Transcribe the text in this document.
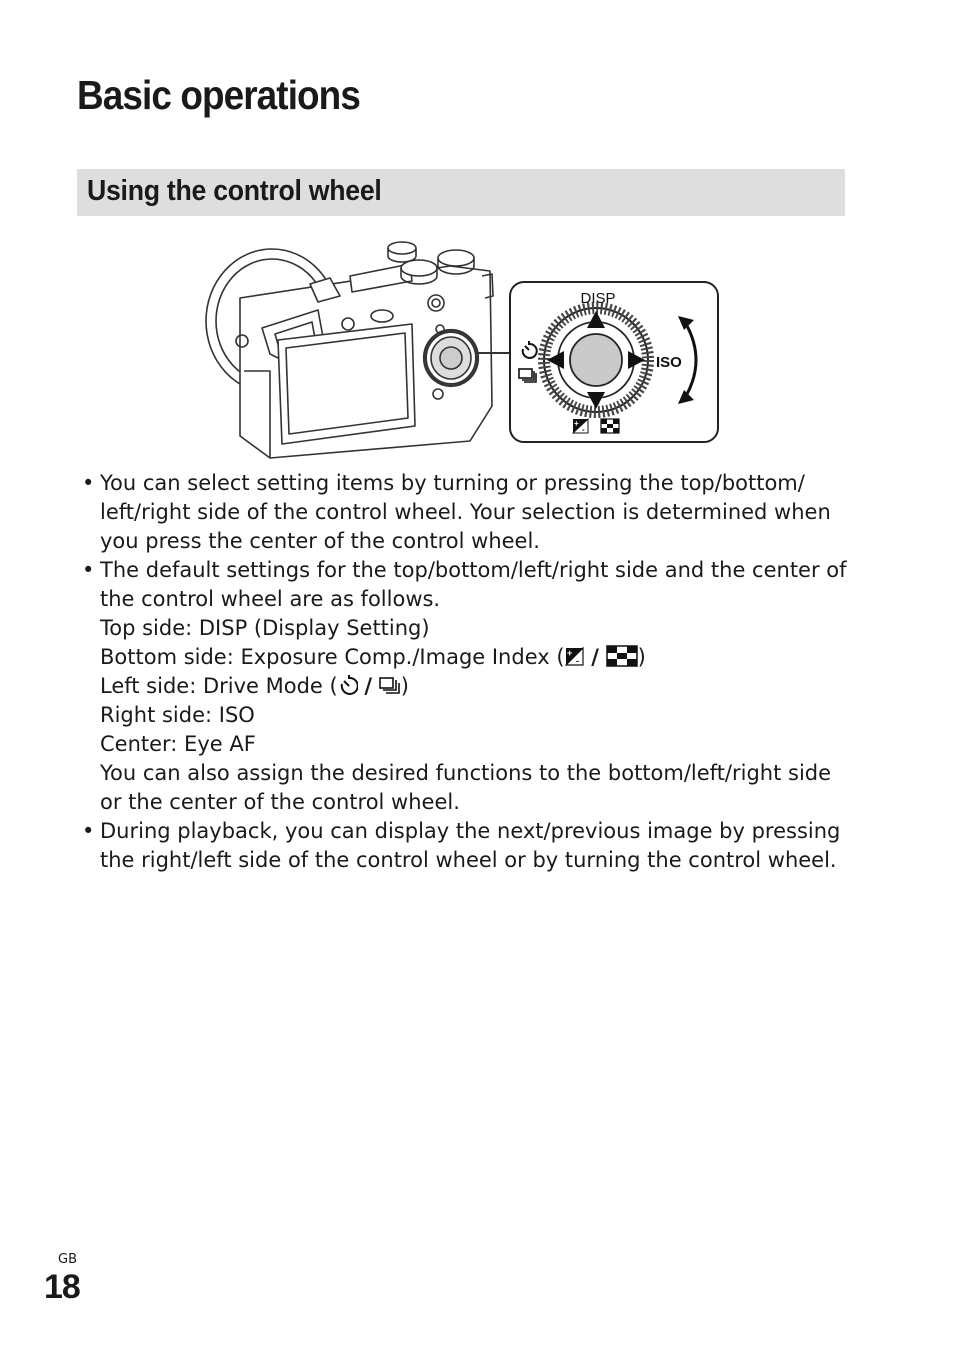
Basic operations
Using the control wheel
DISP
ISO
+
-

• You can select setting items by turning or pressing the top/bottom/ left/right side of the control wheel. Your selection is determined when you press the center of the control wheel.

• The default settings for the top/bottom/left/right side and the center of the control wheel are as follows.

Top side: DISP (Display Setting)

Bottom side: Exposure Comp./Image Index ( +
- / )

Left side: Drive Mode ( / )

Right side: ISO

Center: Eye AF

You can also assign the desired functions to the bottom/left/right side or the center of the control wheel.

• During playback, you can display the next/previous image by pressing the right/left side of the control wheel or by turning the control wheel.

GB
18
